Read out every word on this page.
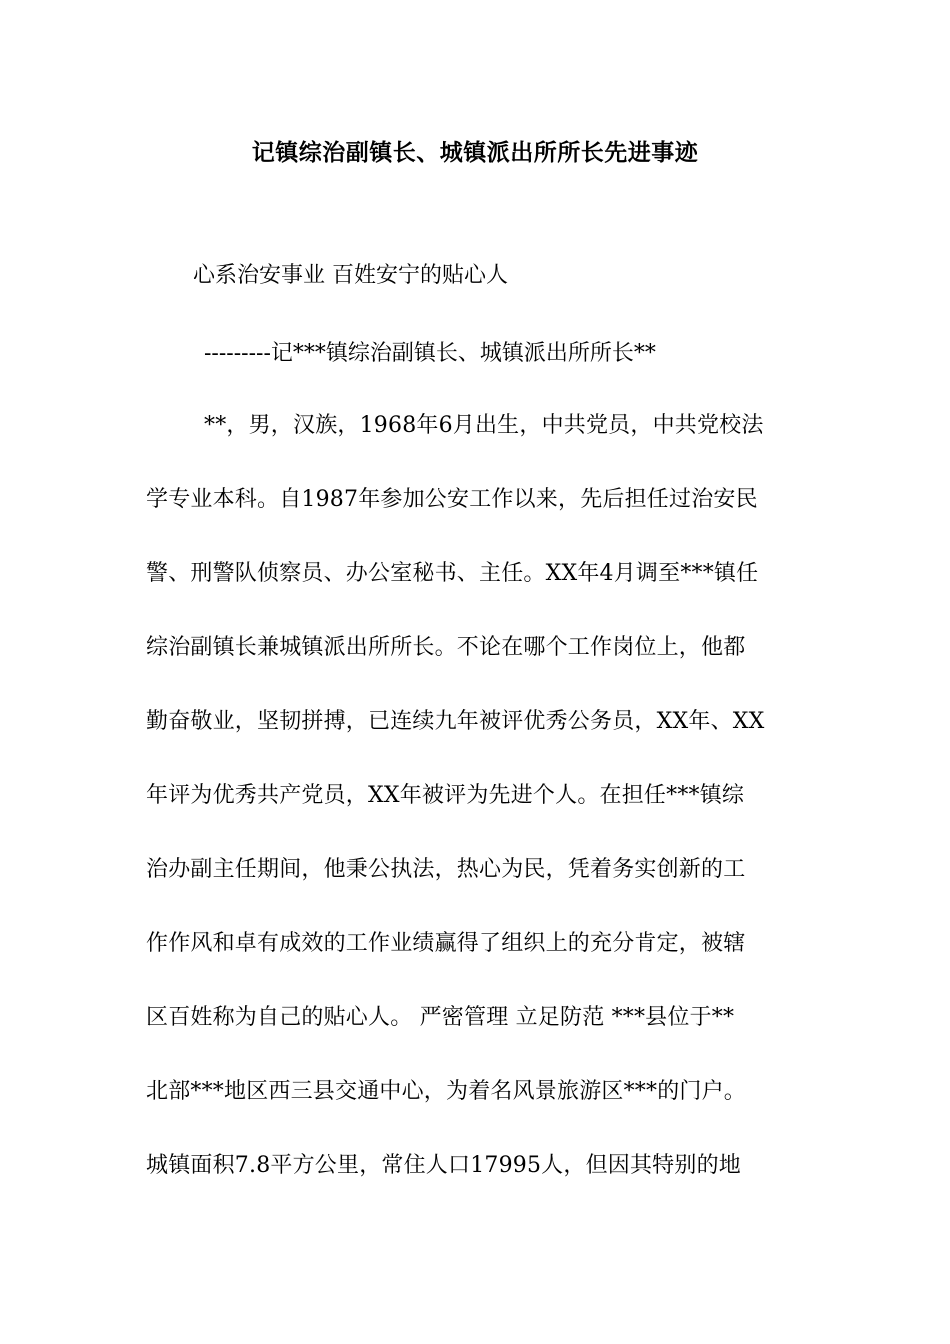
记镇综治副镇长、城镇派出所所长先进事迹
心系治安事业 百姓安宁的贴心人
---------记***镇综治副镇长、城镇派出所所长**
**，男，汉族，1968年6月出生，中共党员，中共党校法
学专业本科。自1987年参加公安工作以来，先后担任过治安民
警、刑警队侦察员、办公室秘书、主任。XX年4月调至***镇任
综治副镇长兼城镇派出所所长。不论在哪个工作岗位上，他都
勤奋敬业，坚韧拼搏，已连续九年被评优秀公务员，XX年、XX
年评为优秀共产党员，XX年被评为先进个人。在担任***镇综
治办副主任期间，他秉公执法，热心为民，凭着务实创新的工
作作风和卓有成效的工作业绩赢得了组织上的充分肯定，被辖
区百姓称为自己的贴心人。 严密管理 立足防范 ***县位于**
北部***地区西三县交通中心，为着名风景旅游区***的门户。
城镇面积7.8平方公里，常住人口17995人，但因其特别的地
